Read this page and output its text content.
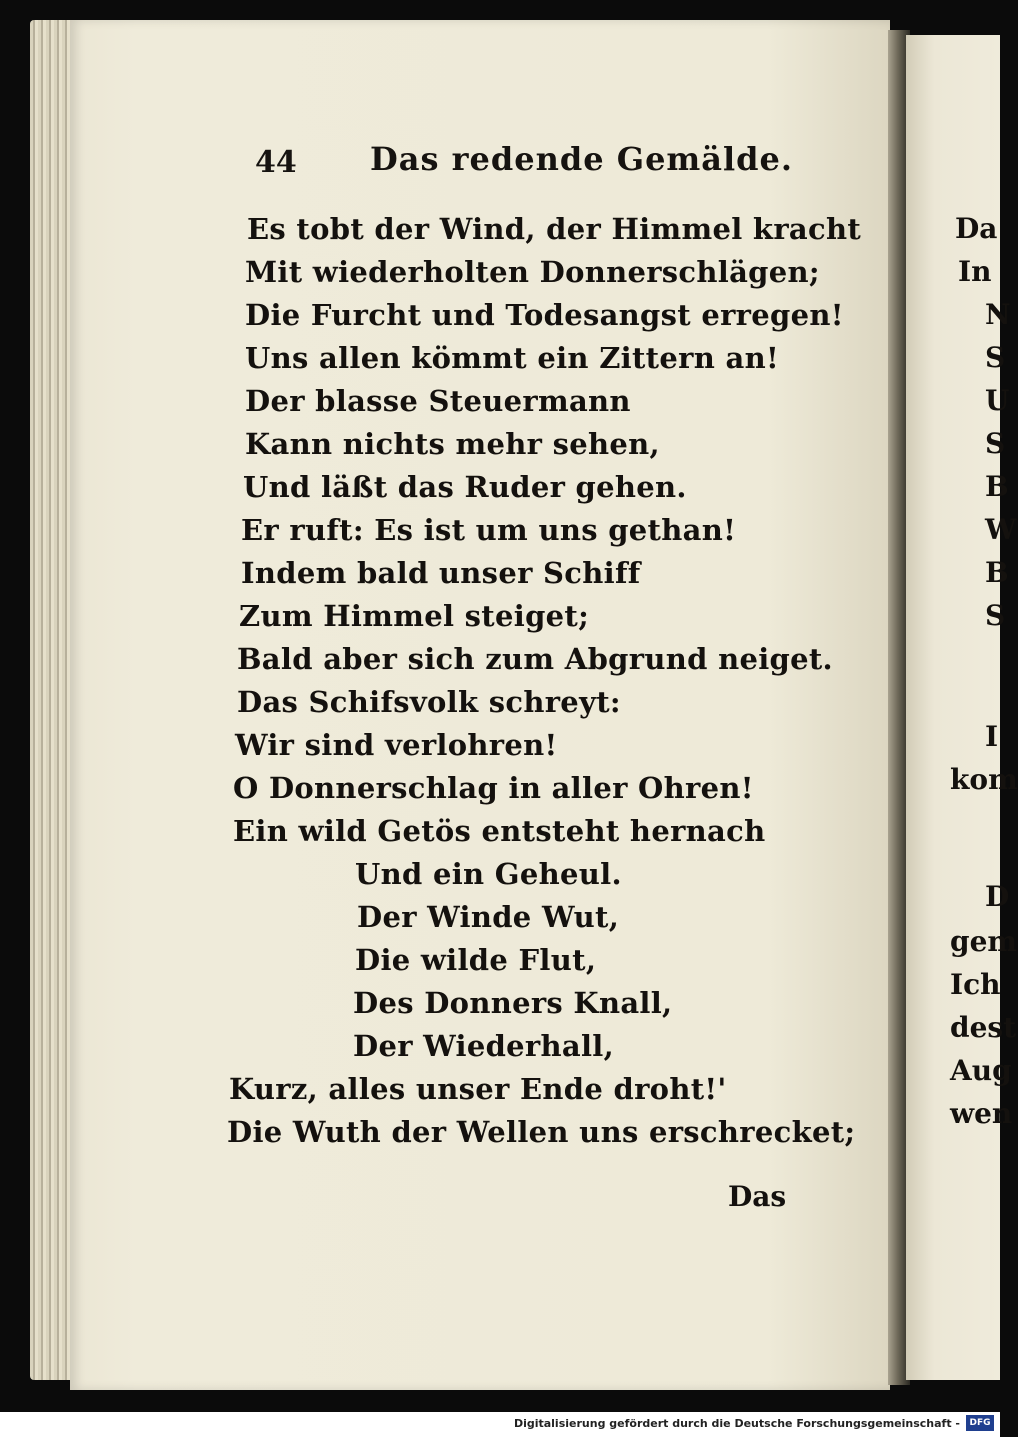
44 Das redende Gemälde.
Es tobt der Wind, der Himmel kracht
Mit wiederholten Donnerschlägen;
Die Furcht und Todesangst erregen!
Uns allen kömmt ein Zittern an!
Der blasse Steuermann
Kann nichts mehr sehen,
Und läßt das Ruder gehen.
Er ruft: Es ist um uns gethan!
Indem bald unser Schiff
Zum Himmel steiget;
Bald aber sich zum Abgrund neiget.
Das Schifsvolk schreyt:
Wir sind verlohren!
O Donnerschlag in aller Ohren!
Ein wild Getös entsteht hernach
Und ein Geheul.
Der Winde Wut,
Die wilde Flut,
Des Donners Knall,
Der Wiederhall,
Kurz, alles unser Ende droht!'
Die Wuth der Wellen uns erschrecket;
Das
Da
In
N
S
U
S
B
W
B
S
I
kom
D
gem
Ich
dest
Aug
wen
Digitalisierung gefördert durch die Deutsche Forschungsgemeinschaft -	DFG
